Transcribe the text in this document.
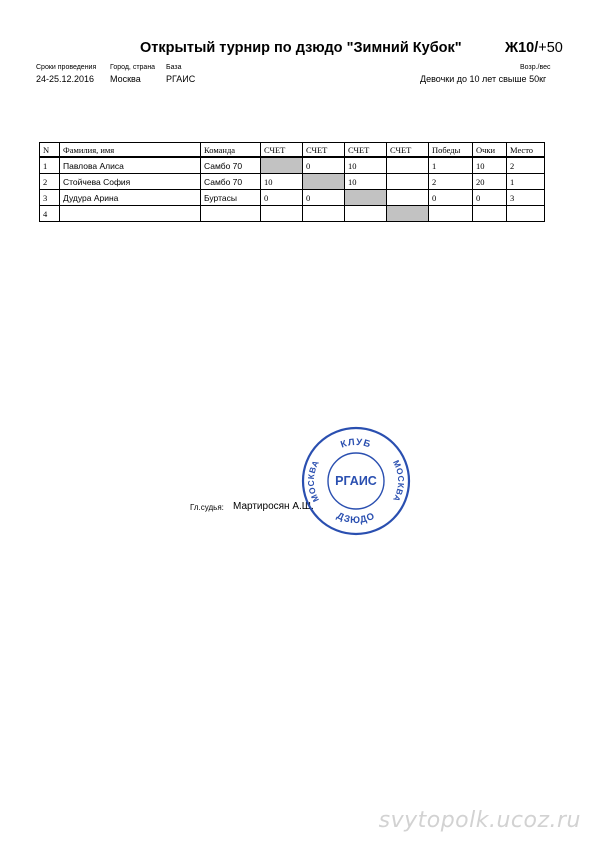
Открытый турнир по дзюдо "Зимний Кубок"	Ж10/+50
Сроки проведения Город, страна База	Возр./вес
24-25.12.2016 Москва	РГАИС	Девочки до 10 лет свыше 50кг
N	Фамилия, имя	Команда	СЧЕТ	СЧЕТ	СЧЕТ	СЧЕТ	Победы	Очки	Место
1	Павлова Алиса	Самбо 70		0	10		1	10	2
2	Стойчева София	Самбо 70	10		10		2	20	1
3	Дудура Арина	Буртасы	0	0			0	0	3
4									
Гл.судья: Мартиросян А.Ш.
КЛУБ
МОСКВА	МОСКВА
ДЗЮДО
РГАИС
svytopolk.ucoz.ru
